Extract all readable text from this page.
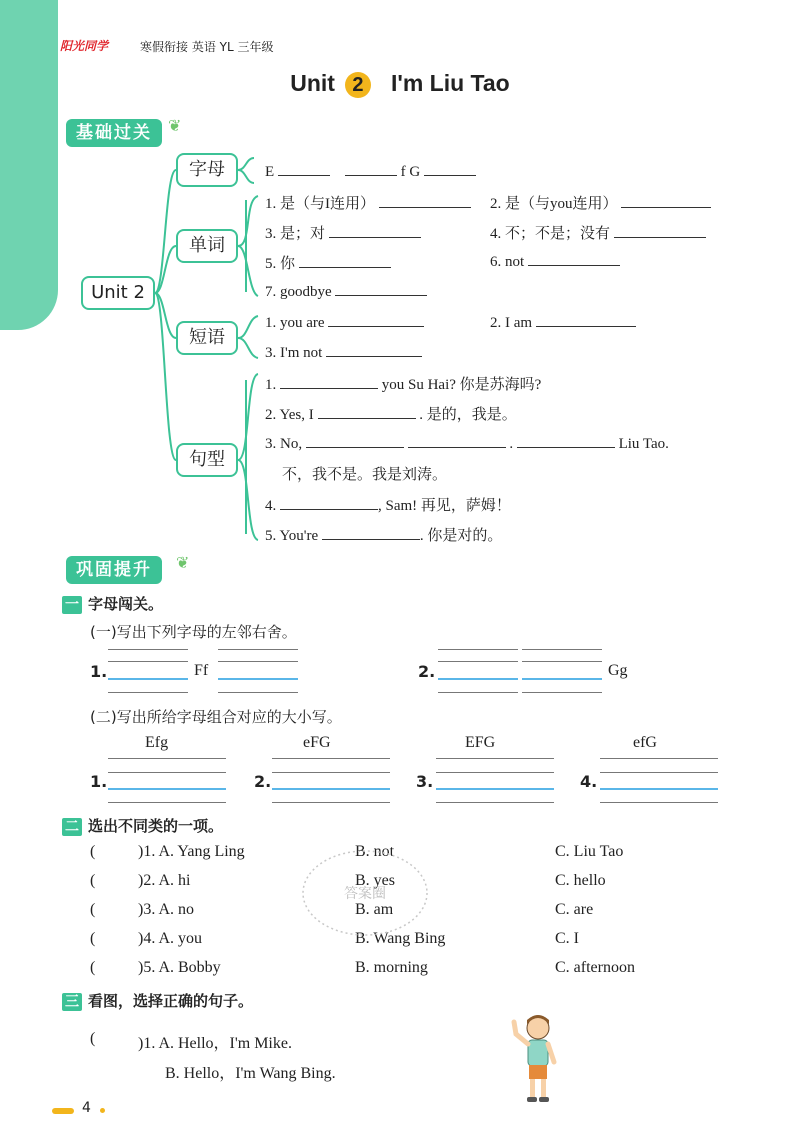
阳光同学	寒假衔接 英语 YL 三年级
Unit 2 I'm Liu Tao
基础过关	❦
Unit 2
字母
单词
短语
句型
E	f G
1. 是（与I连用）	2. 是（与you连用）
3. 是；对	4. 不；不是；没有
5. 你	6. not
7. goodbye
1. you are	2. I am
3. I'm not
1.	you Su Hai? 你是苏海吗?
2. Yes, I	. 是的，我是。
3. No,	.	Liu Tao.
不，我不是。我是刘涛。
4.	, Sam! 再见，萨姆！
5. You're	. 你是对的。
巩固提升	❦
一 字母闯关。
(一)写出下列字母的左邻右舍。
1.	Ff	2.	Gg
(二)写出所给字母组合对应的大小写。
Efg	eFG	EFG	efG
1.	2.	3.	4.
二 选出不同类的一项。
(	)1. A. Yang Ling	B. not	C. Liu Tao
(	)2. A. hi	B. yes	C. hello
(	)3. A. no	B. am	C. are
(	)4. A. you	B. Wang Bing	C. I
(	)5. A. Bobby	B. morning	C. afternoon
答案圈
三 看图，选择正确的句子。
(	)1. A. Hello，I'm Mike.
B. Hello，I'm Wang Bing.
4
